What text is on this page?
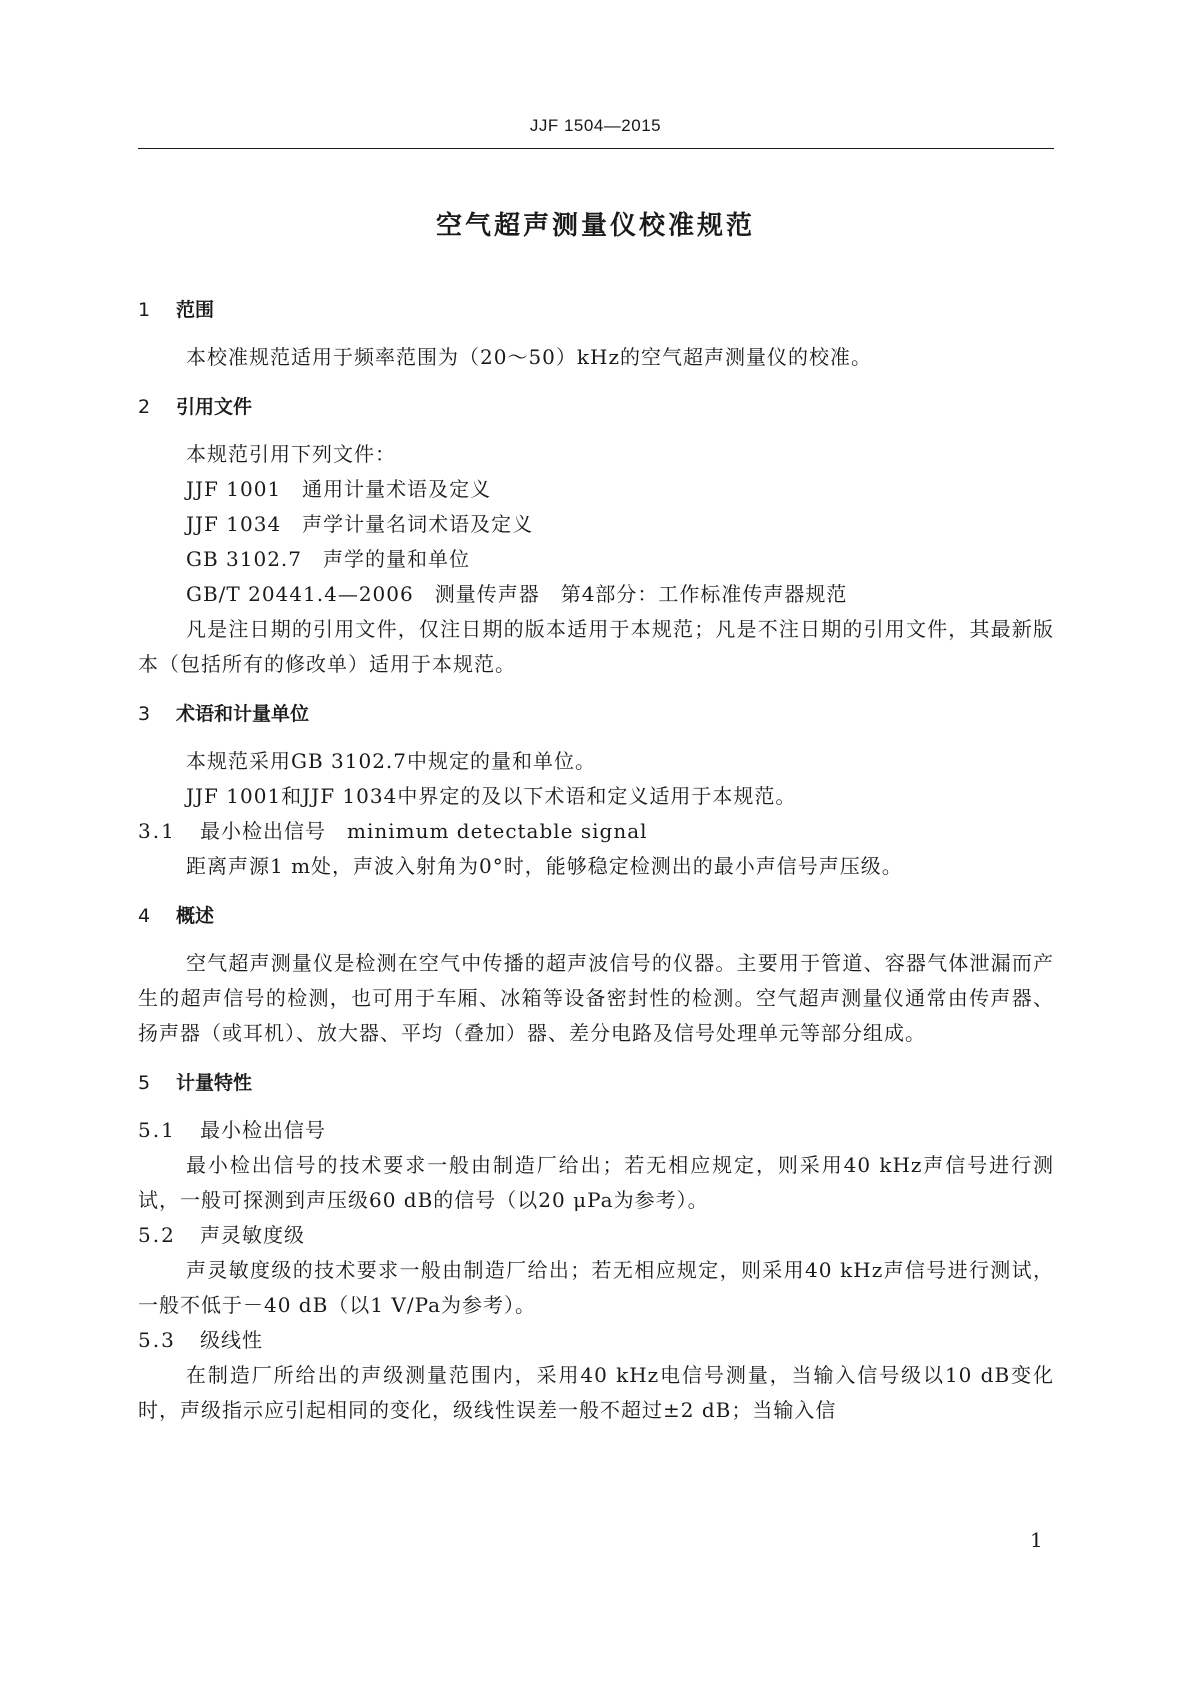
JJF 1504—2015
空气超声测量仪校准规范
1 范围
本校准规范适用于频率范围为（20～50）kHz的空气超声测量仪的校准。
2 引用文件
本规范引用下列文件：
JJF 1001　通用计量术语及定义
JJF 1034　声学计量名词术语及定义
GB 3102.7　声学的量和单位
GB/T 20441.4—2006　测量传声器　第4部分：工作标准传声器规范
凡是注日期的引用文件，仅注日期的版本适用于本规范；凡是不注日期的引用文件，其最新版本（包括所有的修改单）适用于本规范。
3 术语和计量单位
本规范采用GB 3102.7中规定的量和单位。
JJF 1001和JJF 1034中界定的及以下术语和定义适用于本规范。
3.1 最小检出信号　minimum detectable signal
距离声源1 m处，声波入射角为0°时，能够稳定检测出的最小声信号声压级。
4 概述
空气超声测量仪是检测在空气中传播的超声波信号的仪器。主要用于管道、容器气体泄漏而产生的超声信号的检测，也可用于车厢、冰箱等设备密封性的检测。空气超声测量仪通常由传声器、扬声器（或耳机）、放大器、平均（叠加）器、差分电路及信号处理单元等部分组成。
5 计量特性
5.1 最小检出信号
最小检出信号的技术要求一般由制造厂给出；若无相应规定，则采用40 kHz声信号进行测试，一般可探测到声压级60 dB的信号（以20 μPa为参考）。
5.2 声灵敏度级
声灵敏度级的技术要求一般由制造厂给出；若无相应规定，则采用40 kHz声信号进行测试，一般不低于－40 dB（以1 V/Pa为参考）。
5.3 级线性
在制造厂所给出的声级测量范围内，采用40 kHz电信号测量，当输入信号级以10 dB变化时，声级指示应引起相同的变化，级线性误差一般不超过±2 dB；当输入信
1
